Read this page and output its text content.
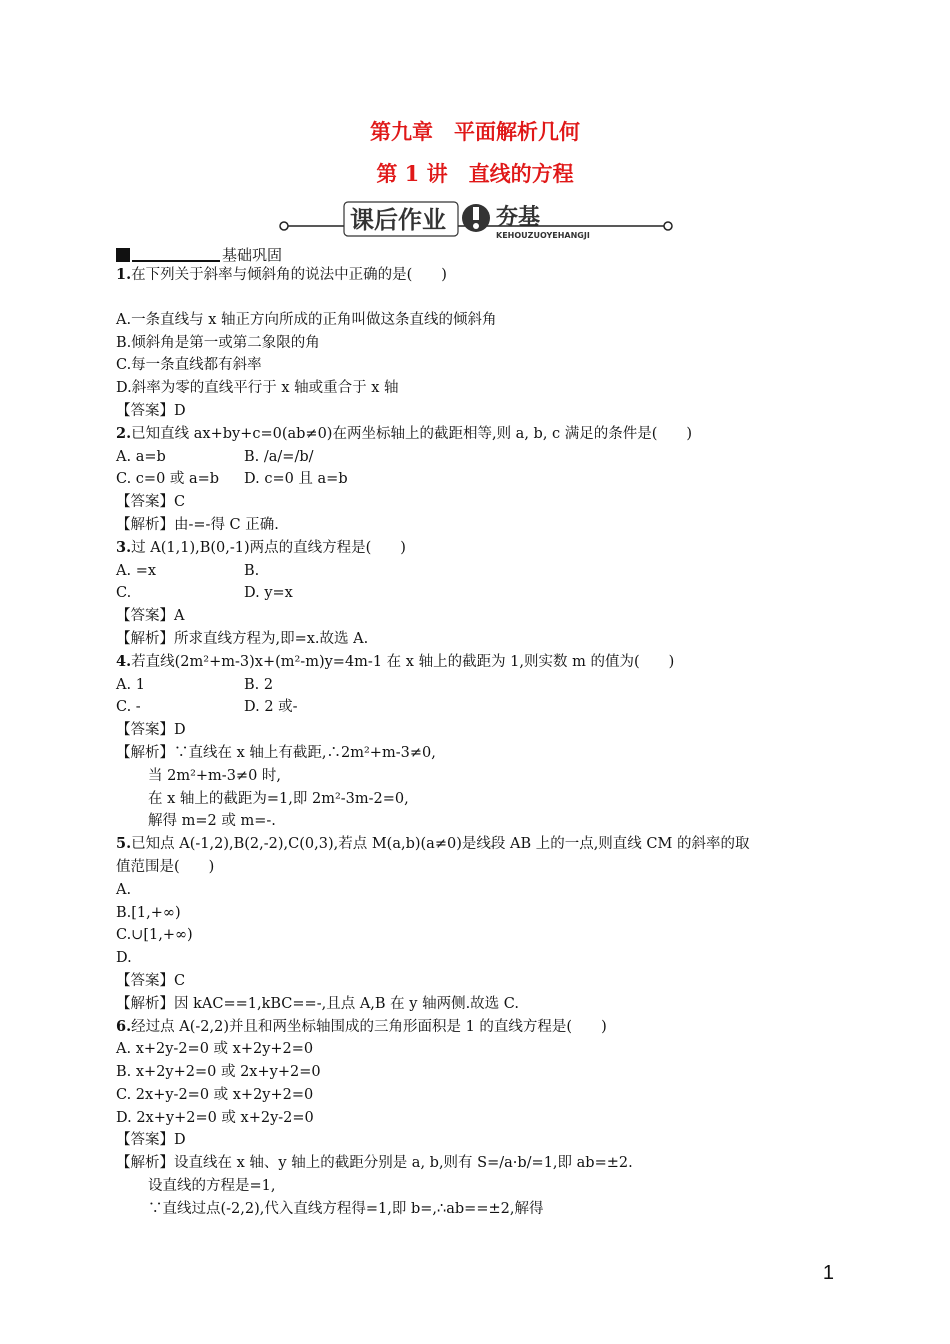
第九章　平面解析几何
第 1 讲　直线的方程
课后作业 夯基
KEHOUZUOYEHANGJI
基础巩固
1.在下列关于斜率与倾斜角的说法中正确的是(　　)
A.一条直线与 x 轴正方向所成的正角叫做这条直线的倾斜角
B.倾斜角是第一或第二象限的角
C.每一条直线都有斜率
D.斜率为零的直线平行于 x 轴或重合于 x 轴
【答案】D
2.已知直线 ax+by+c=0(ab≠0)在两坐标轴上的截距相等,则 a, b, c 满足的条件是(　　)
A. a=b	B. /a/=/b/
C. c=0 或 a=b	D. c=0 且 a=b
【答案】C
【解析】由-=-得 C 正确.
3.过 A(1,1),B(0,-1)两点的直线方程是(　　)
A. =x	B.
C.	D. y=x
【答案】A
【解析】所求直线方程为,即=x.故选 A.
4.若直线(2m²+m-3)x+(m²-m)y=4m-1 在 x 轴上的截距为 1,则实数 m 的值为(　　)
A. 1	B. 2
C. -	D. 2 或-
【答案】D
【解析】∵直线在 x 轴上有截距,∴2m²+m-3≠0,
当 2m²+m-3≠0 时,
在 x 轴上的截距为=1,即 2m²-3m-2=0,
解得 m=2 或 m=-.
5.已知点 A(-1,2),B(2,-2),C(0,3),若点 M(a,b)(a≠0)是线段 AB 上的一点,则直线 CM 的斜率的取
值范围是(　　)
A.
B.[1,+∞)
C.∪[1,+∞)
D.
【答案】C
【解析】因 kAC==1,kBC==-,且点 A,B 在 y 轴两侧.故选 C.
6.经过点 A(-2,2)并且和两坐标轴围成的三角形面积是 1 的直线方程是(　　)
A. x+2y-2=0 或 x+2y+2=0
B. x+2y+2=0 或 2x+y+2=0
C. 2x+y-2=0 或 x+2y+2=0
D. 2x+y+2=0 或 x+2y-2=0
【答案】D
【解析】设直线在 x 轴、y 轴上的截距分别是 a, b,则有 S=/a·b/=1,即 ab=±2.
设直线的方程是=1,
∵直线过点(-2,2),代入直线方程得=1,即 b=,∴ab==±2,解得
1
